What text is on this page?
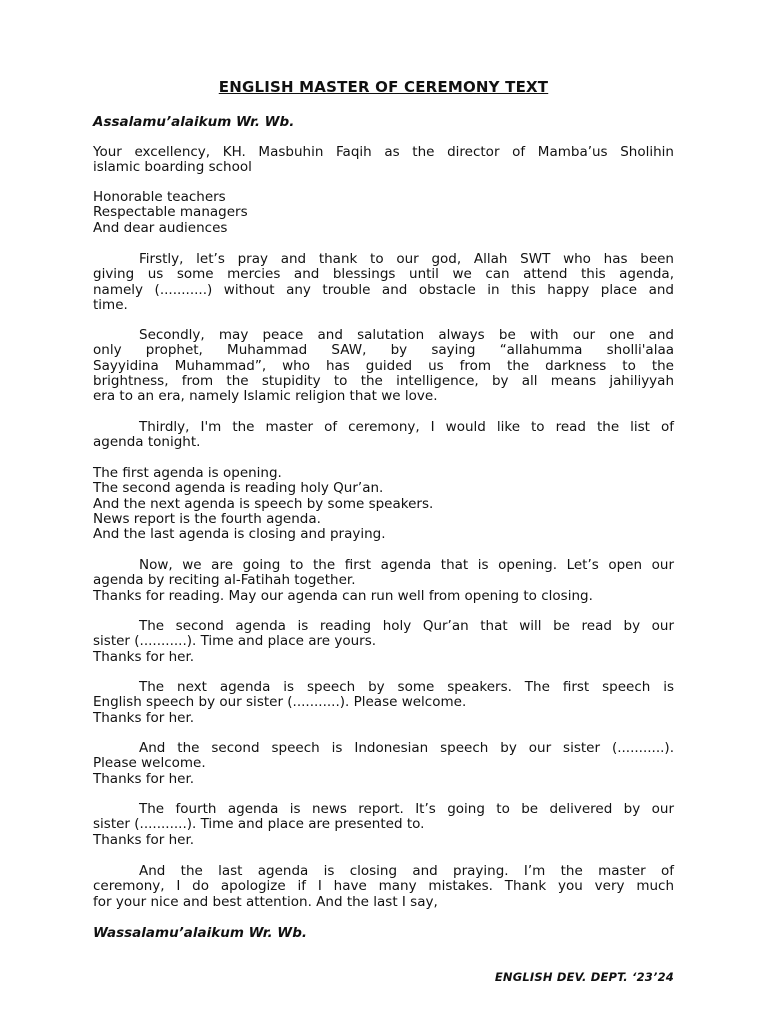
ENGLISH MASTER OF CEREMONY TEXT
Assalamu’alaikum Wr. Wb.
Your excellency, KH. Masbuhin Faqih as the director of Mamba’us Sholihin
islamic boarding school
Honorable teachers
Respectable managers
And dear audiences
Firstly, let’s pray and thank to our god, Allah SWT who has been
giving us some mercies and blessings until we can attend this agenda,
namely (...........) without any trouble and obstacle in this happy place and
time.
Secondly, may peace and salutation always be with our one and
only prophet, Muhammad SAW, by saying “allahumma sholli'alaa
Sayyidina Muhammad”, who has guided us from the darkness to the
brightness, from the stupidity to the intelligence, by all means jahiliyyah
era to an era, namely Islamic religion that we love.
Thirdly, I'm the master of ceremony, I would like to read the list of
agenda tonight.
The first agenda is opening.
The second agenda is reading holy Qur’an.
And the next agenda is speech by some speakers.
News report is the fourth agenda.
And the last agenda is closing and praying.
Now, we are going to the first agenda that is opening. Let’s open our
agenda by reciting al-Fatihah together.
Thanks for reading. May our agenda can run well from opening to closing.
The second agenda is reading holy Qur’an that will be read by our
sister (...........). Time and place are yours.
Thanks for her.
The next agenda is speech by some speakers. The first speech is
English speech by our sister (...........). Please welcome.
Thanks for her.
And the second speech is Indonesian speech by our sister (...........).
Please welcome.
Thanks for her.
The fourth agenda is news report. It’s going to be delivered by our
sister (...........). Time and place are presented to.
Thanks for her.
And the last agenda is closing and praying. I’m the master of
ceremony, I do apologize if I have many mistakes. Thank you very much
for your nice and best attention. And the last I say,
Wassalamu’alaikum Wr. Wb.
ENGLISH DEV. DEPT. ‘23’24
